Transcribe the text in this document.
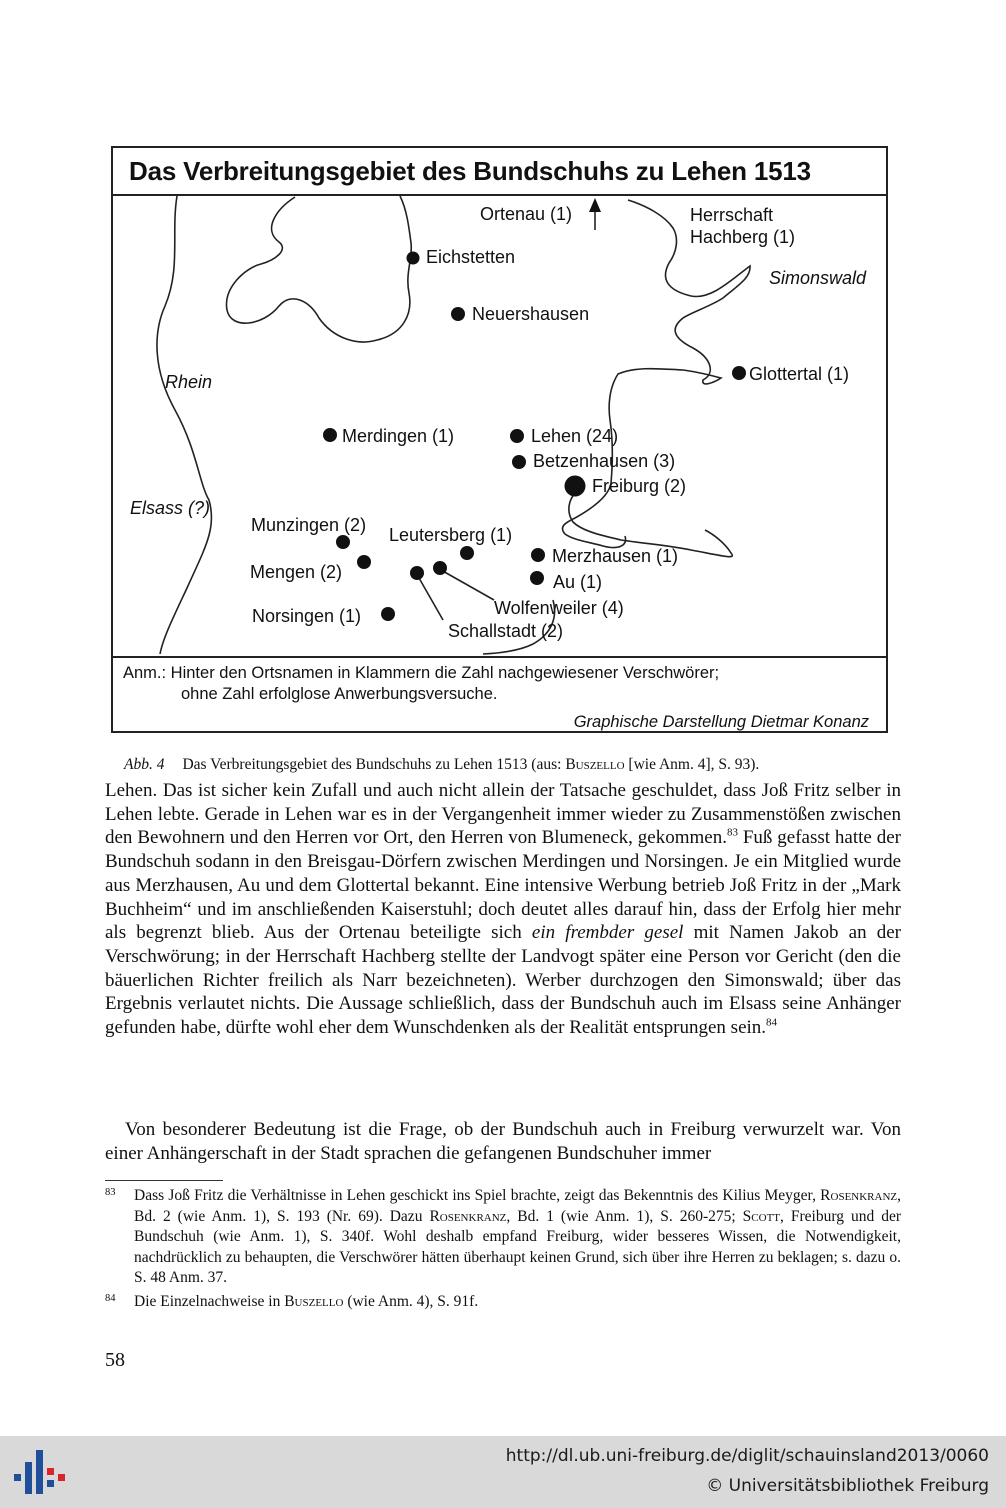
Das Verbreitungsgebiet des Bundschuhs zu Lehen 1513
Ortenau (1)	Herrschaft
Hachberg (1)
Eichstetten
Simonswald
Neuershausen
Glottertal (1)
Rhein
Merdingen (1)	Lehen (24)
Betzenhausen (3)
Freiburg (2)
Elsass (?)
Munzingen (2) Leutersberg (1)
Merzhausen (1)
Mengen (2)	Au (1)
Wolfenweiler (4)
Norsingen (1)
Schallstadt (2)
Anm.: Hinter den Ortsnamen in Klammern die Zahl nachgewiesener Verschwörer;
ohne Zahl erfolglose Anwerbungsversuche.
Graphische Darstellung Dietmar Konanz
Abb. 4 Das Verbreitungsgebiet des Bundschuhs zu Lehen 1513 (aus: Buszello [wie Anm. 4], S. 93).
Lehen. Das ist sicher kein Zufall und auch nicht allein der Tatsache geschuldet, dass Joß Fritz selber in Lehen lebte. Gerade in Lehen war es in der Vergangenheit immer wieder zu Zusammenstößen zwischen den Bewohnern und den Herren vor Ort, den Herren von Blumeneck, gekommen.$^{83}$ Fuß gefasst hatte der Bundschuh sodann in den Breisgau-Dörfern zwischen Merdingen und Norsingen. Je ein Mitglied wurde aus Merzhausen, Au und dem Glottertal bekannt. Eine intensive Werbung betrieb Joß Fritz in der „Mark Buchheim“ und im anschließenden Kaiserstuhl; doch deutet alles darauf hin, dass der Erfolg hier mehr als begrenzt blieb. Aus der Ortenau beteiligte sich ein frembder gesel mit Namen Jakob an der Verschwörung; in der Herrschaft Hachberg stellte der Landvogt später eine Person vor Gericht (den die bäuerlichen Richter freilich als Narr bezeichneten). Werber durchzogen den Simonswald; über das Ergebnis verlautet nichts. Die Aussage schließlich, dass der Bundschuh auch im Elsass seine Anhänger gefunden habe, dürfte wohl eher dem Wunschdenken als der Realität entsprungen sein.$^{84}$
Von besonderer Bedeutung ist die Frage, ob der Bundschuh auch in Freiburg verwurzelt war. Von einer Anhängerschaft in der Stadt sprachen die gefangenen Bundschuher immer
83 Dass Joß Fritz die Verhältnisse in Lehen geschickt ins Spiel brachte, zeigt das Bekenntnis des Kilius Meyger, Rosenkranz, Bd. 2 (wie Anm. 1), S. 193 (Nr. 69). Dazu Rosenkranz, Bd. 1 (wie Anm. 1), S. 260-275; Scott, Freiburg und der Bundschuh (wie Anm. 1), S. 340f. Wohl deshalb empfand Freiburg, wider besseres Wissen, die Notwendigkeit, nachdrücklich zu behaupten, die Verschwörer hätten überhaupt keinen Grund, sich über ihre Herren zu beklagen; s. dazu o. S. 48 Anm. 37.
84 Die Einzelnachweise in Buszello (wie Anm. 4), S. 91f.
58
http://dl.ub.uni-freiburg.de/diglit/schauinsland2013/0060
© Universitätsbibliothek Freiburg
